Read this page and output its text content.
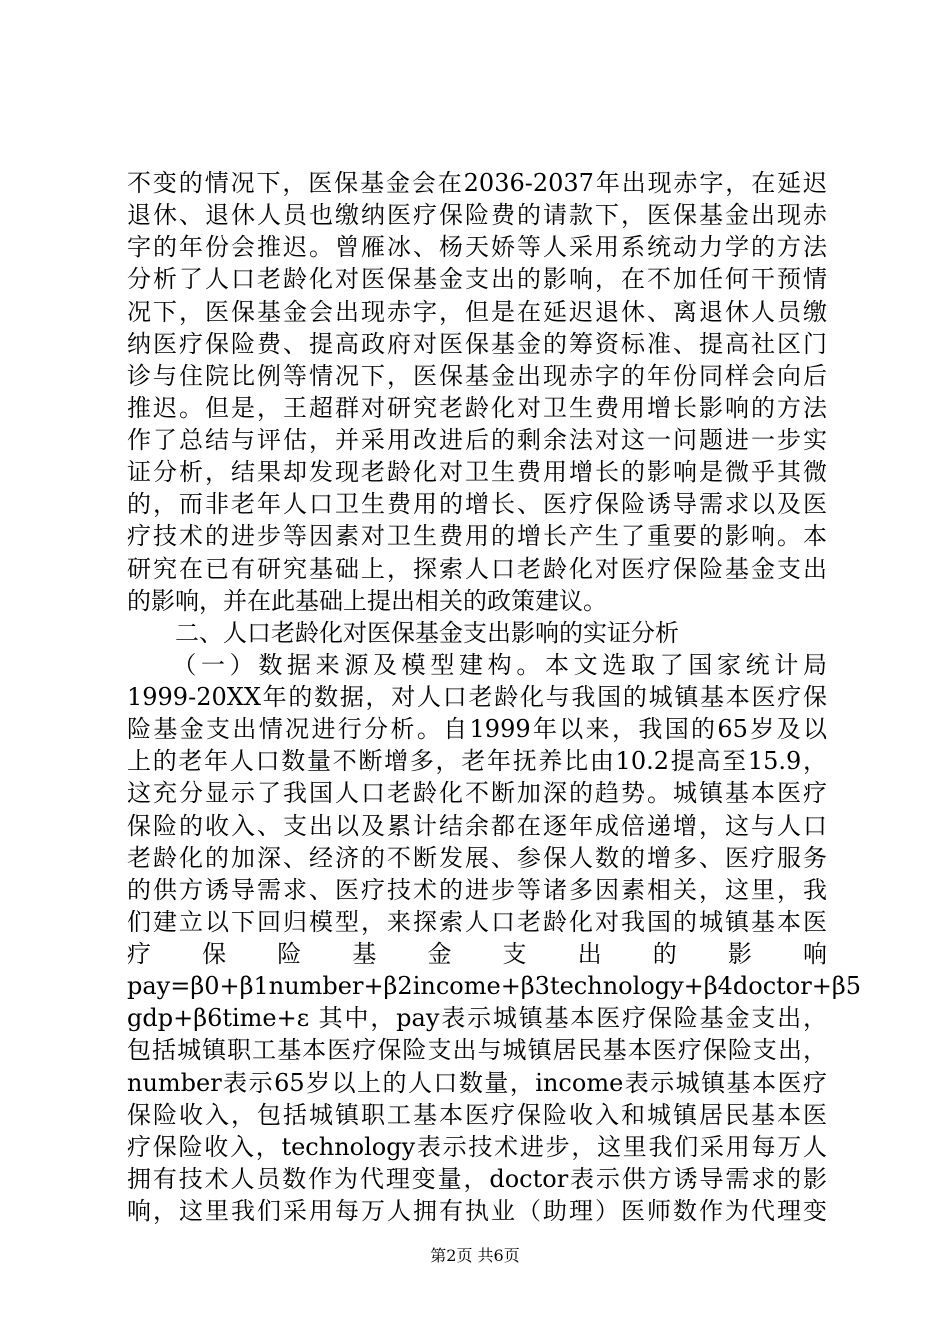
不变的情况下，医保基金会在2036-2037年出现赤字，在延迟
退休、退休人员也缴纳医疗保险费的请款下，医保基金出现赤
字的年份会推迟。曾雁冰、杨天娇等人采用系统动力学的方法
分析了人口老龄化对医保基金支出的影响，在不加任何干预情
况下，医保基金会出现赤字，但是在延迟退休、离退休人员缴
纳医疗保险费、提高政府对医保基金的筹资标准、提高社区门
诊与住院比例等情况下，医保基金出现赤字的年份同样会向后
推迟。但是，王超群对研究老龄化对卫生费用增长影响的方法
作了总结与评估，并采用改进后的剩余法对这一问题进一步实
证分析，结果却发现老龄化对卫生费用增长的影响是微乎其微
的，而非老年人口卫生费用的增长、医疗保险诱导需求以及医
疗技术的进步等因素对卫生费用的增长产生了重要的影响。本
研究在已有研究基础上，探索人口老龄化对医疗保险基金支出
的影响，并在此基础上提出相关的政策建议。
　　二、人口老龄化对医保基金支出影响的实证分析
　　（一）数据来源及模型建构。本文选取了国家统计局
1999-20XX年的数据，对人口老龄化与我国的城镇基本医疗保
险基金支出情况进行分析。自1999年以来，我国的65岁及以
上的老年人口数量不断增多，老年抚养比由10.2提高至15.9，
这充分显示了我国人口老龄化不断加深的趋势。城镇基本医疗
保险的收入、支出以及累计结余都在逐年成倍递增，这与人口
老龄化的加深、经济的不断发展、参保人数的增多、医疗服务
的供方诱导需求、医疗技术的进步等诸多因素相关，这里，我
们建立以下回归模型，来探索人口老龄化对我国的城镇基本医
疗　保　险　基　金　支　出　的　影　响
pay=β0+β1number+β2income+β3technology+β4doctor+β5
gdp+β6time+ε 其中，pay表示城镇基本医疗保险基金支出，
包括城镇职工基本医疗保险支出与城镇居民基本医疗保险支出，
number表示65岁以上的人口数量，income表示城镇基本医疗
保险收入，包括城镇职工基本医疗保险收入和城镇居民基本医
疗保险收入，technology表示技术进步，这里我们采用每万人
拥有技术人员数作为代理变量，doctor表示供方诱导需求的影
响，这里我们采用每万人拥有执业（助理）医师数作为代理变
第2页 共6页
